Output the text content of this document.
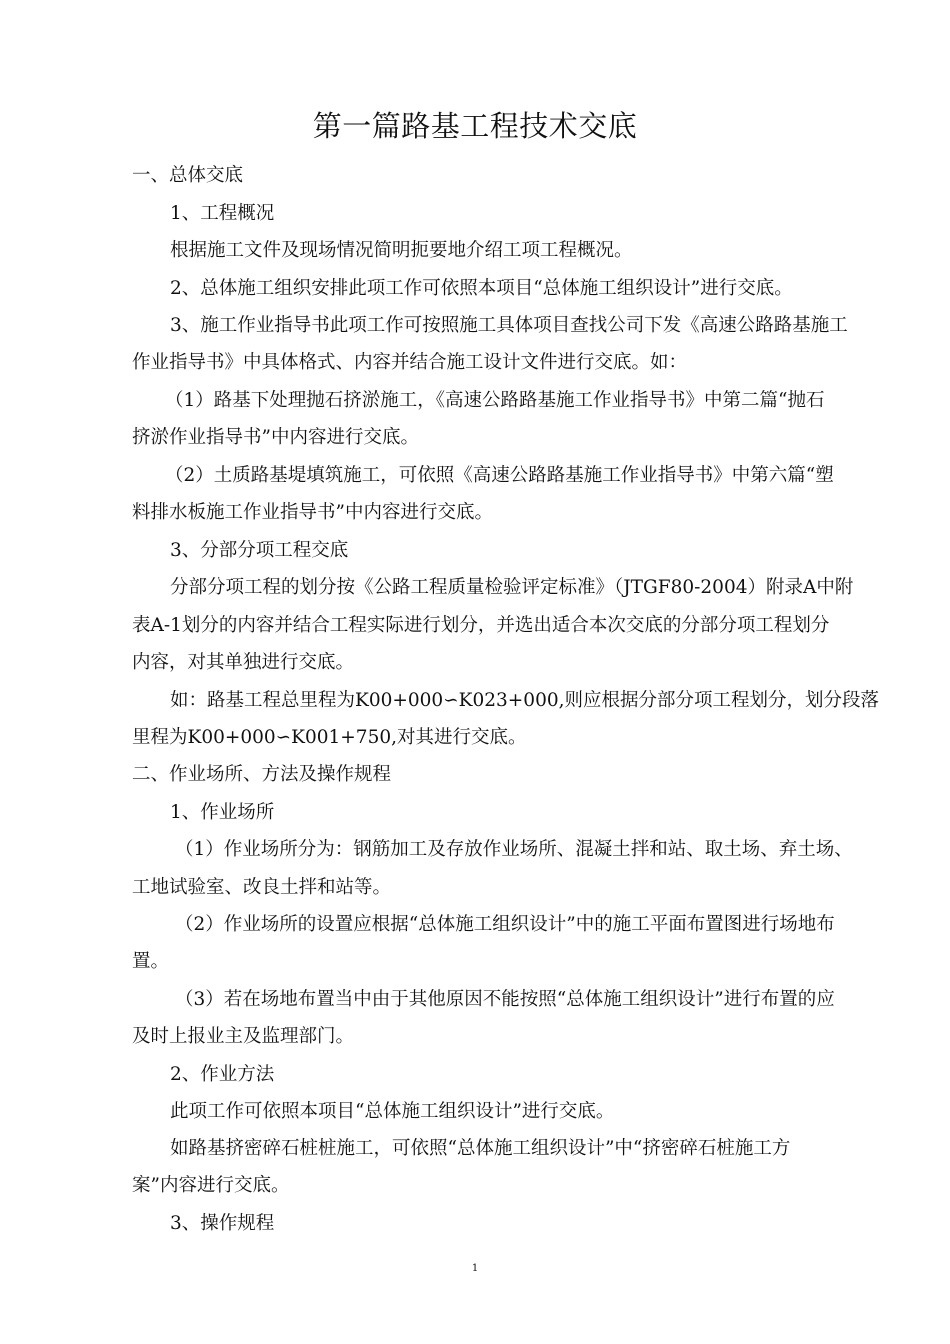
第一篇路基工程技术交底
一、总体交底
1、工程概况
根据施工文件及现场情况简明扼要地介绍工项工程概况。
2、总体施工组织安排此项工作可依照本项目“总体施工组织设计”进行交底。
3、施工作业指导书此项工作可按照施工具体项目查找公司下发《高速公路路基施工
作业指导书》中具体格式、内容并结合施工设计文件进行交底。如：
（1）路基下处理抛石挤淤施工，《高速公路路基施工作业指导书》中第二篇“抛石
挤淤作业指导书”中内容进行交底。
（2）土质路基堤填筑施工，可依照《高速公路路基施工作业指导书》中第六篇“塑
料排水板施工作业指导书”中内容进行交底。
3、分部分项工程交底
分部分项工程的划分按《公路工程质量检验评定标准》（JTGF80-2004）附录A中附
表A-1划分的内容并结合工程实际进行划分，并选出适合本次交底的分部分项工程划分
内容，对其单独进行交底。
如：路基工程总里程为K00+000∽K023+000,则应根据分部分项工程划分，划分段落
里程为K00+000∽K001+750,对其进行交底。
二、作业场所、方法及操作规程
1、作业场所
（1）作业场所分为：钢筋加工及存放作业场所、混凝土拌和站、取土场、弃土场、
工地试验室、改良土拌和站等。
（2）作业场所的设置应根据“总体施工组织设计”中的施工平面布置图进行场地布
置。
（3）若在场地布置当中由于其他原因不能按照“总体施工组织设计”进行布置的应
及时上报业主及监理部门。
2、作业方法
此项工作可依照本项目“总体施工组织设计”进行交底。
如路基挤密碎石桩桩施工，可依照“总体施工组织设计”中“挤密碎石桩施工方
案”内容进行交底。
3、操作规程
1
